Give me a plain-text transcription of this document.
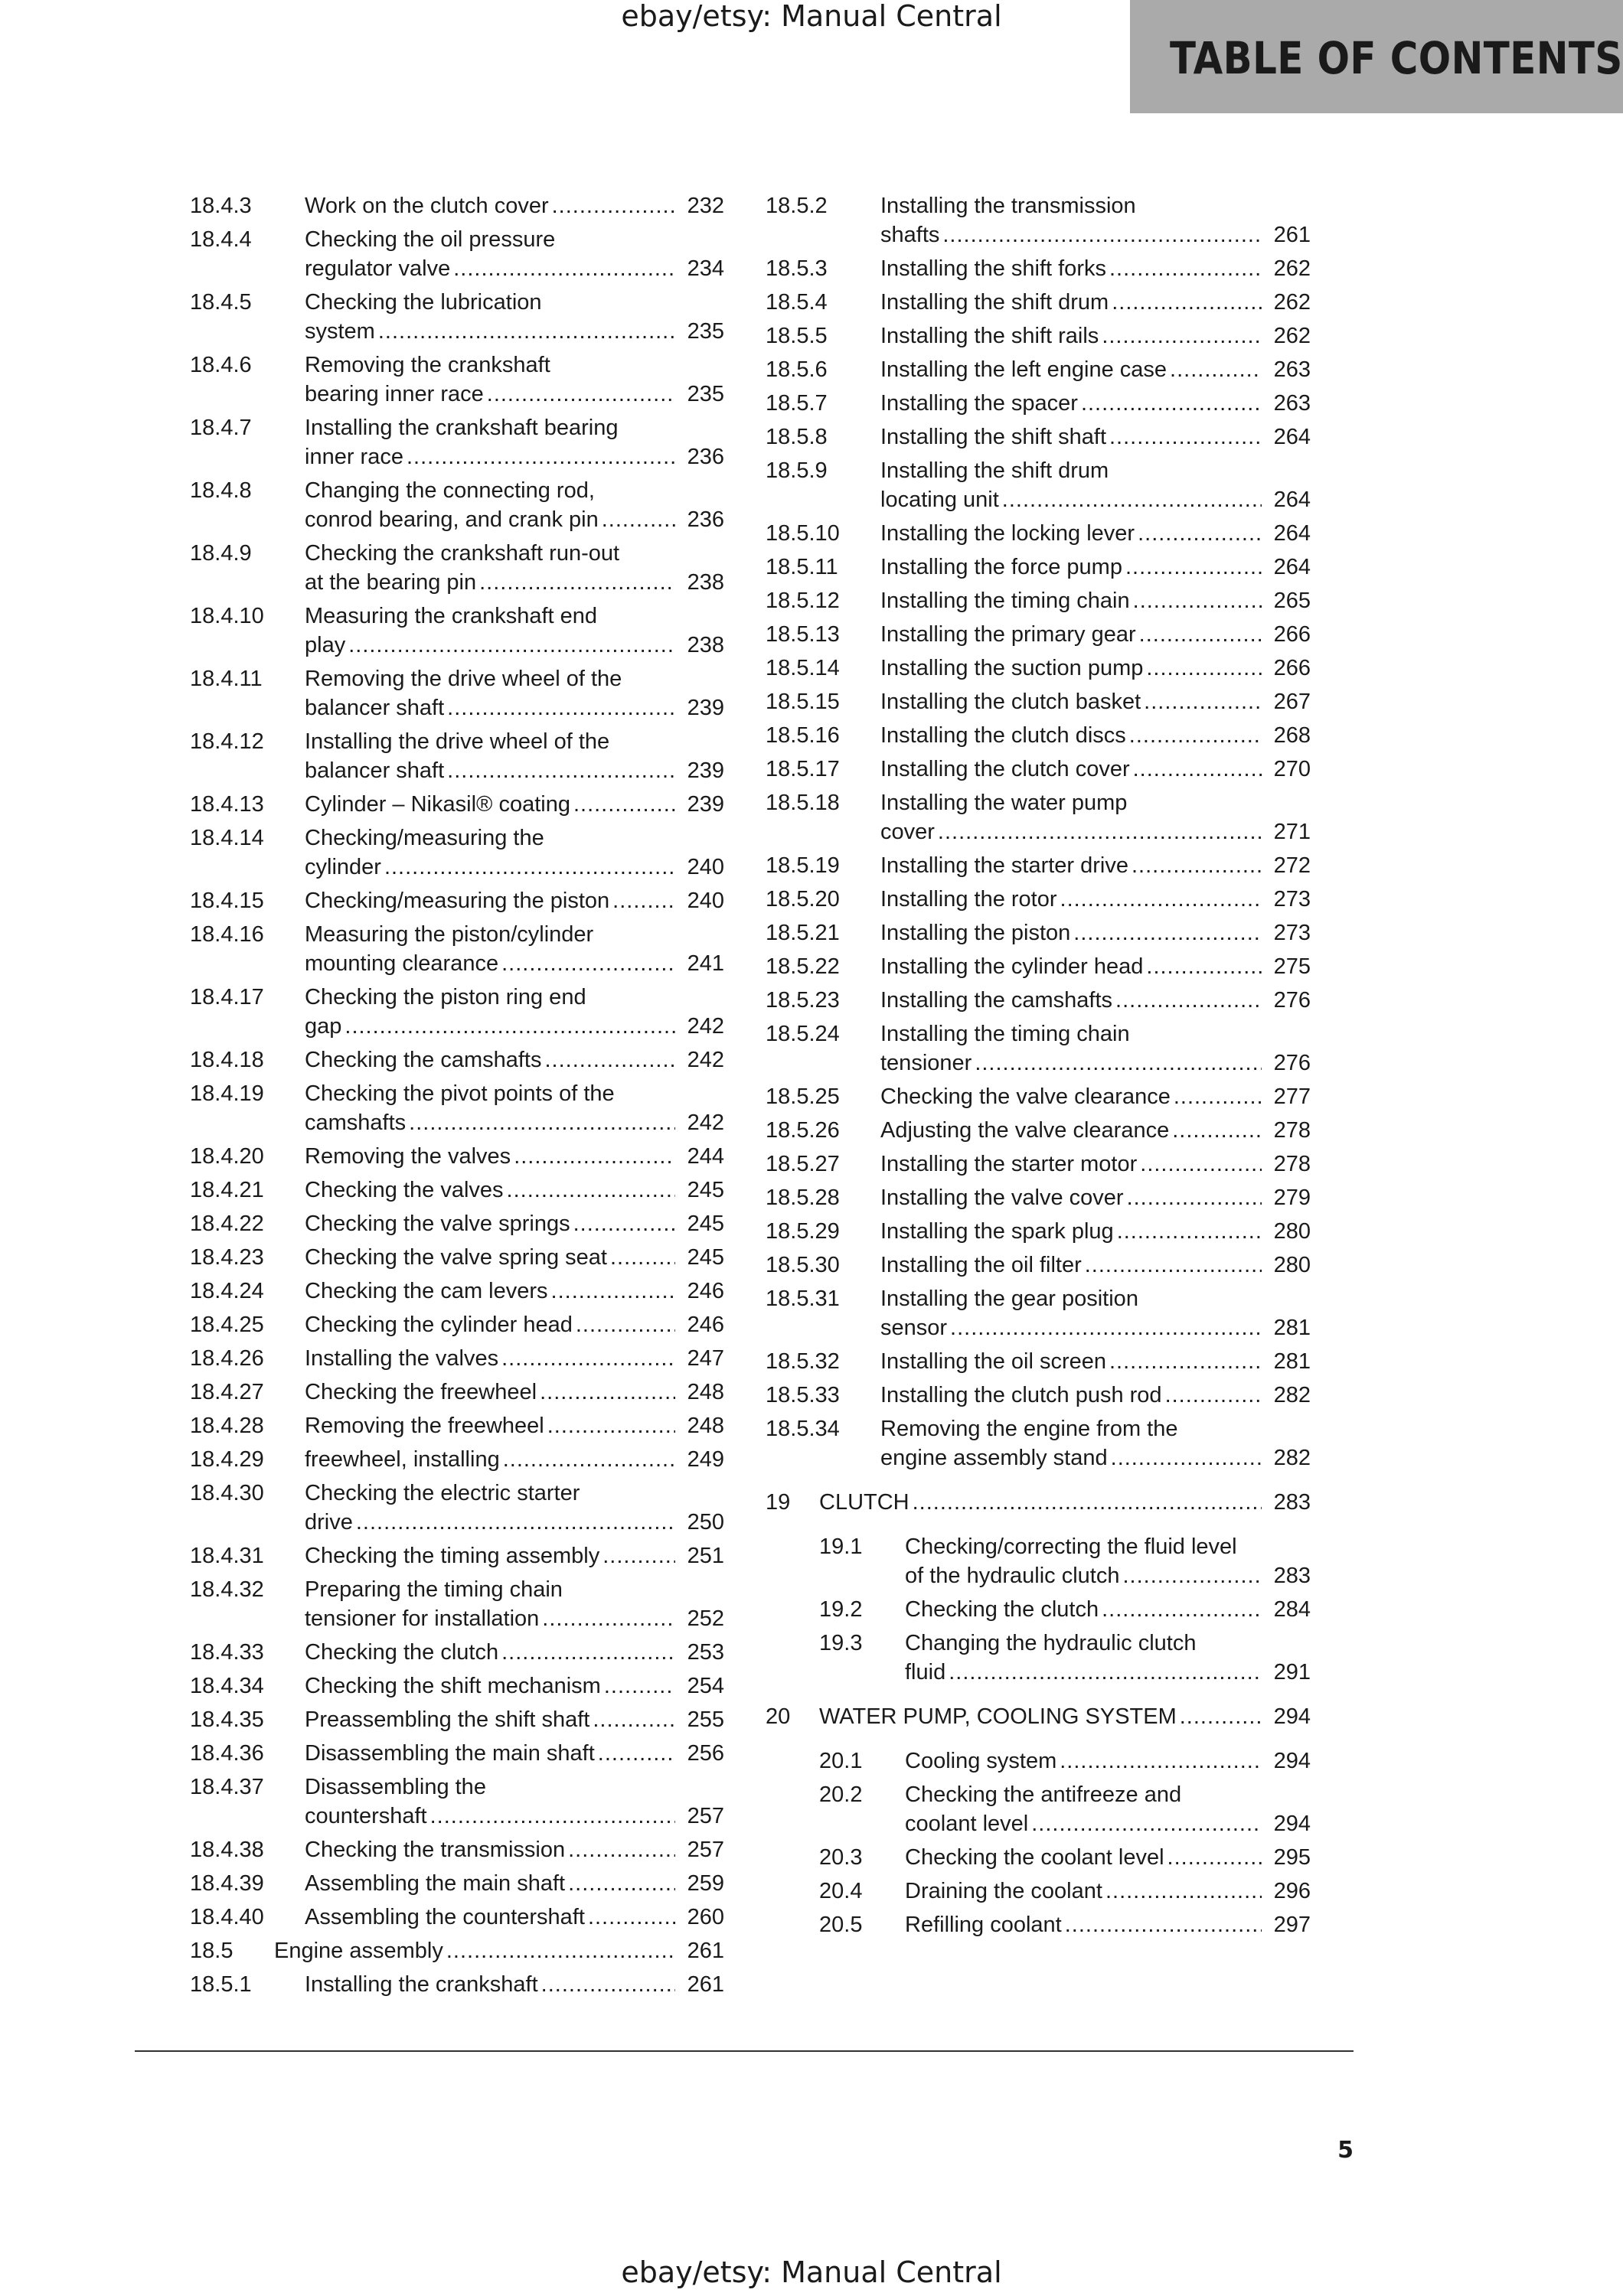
ebay/etsy: Manual Central
TABLE OF CONTENTS
18.4.3	Work on the clutch cover .....	232
18.4.4	Checking the oil pressure
regulator valve .....	234
18.4.5	Checking the lubrication
system .....	235
18.4.6	Removing the crankshaft
bearing inner race .....	235
18.4.7	Installing the crankshaft bearing
inner race .....	236
18.4.8	Changing the connecting rod,
conrod bearing, and crank pin .....	236
18.4.9	Checking the crankshaft run-out
at the bearing pin .....	238
18.4.10	Measuring the crankshaft end
play .....	238
18.4.11	Removing the drive wheel of the
balancer shaft .....	239
18.4.12	Installing the drive wheel of the
balancer shaft .....	239
18.4.13	Cylinder – Nikasil® coating .....	239
18.4.14	Checking/measuring the
cylinder .....	240
18.4.15	Checking/measuring the piston .....	240
18.4.16	Measuring the piston/cylinder
mounting clearance .....	241
18.4.17	Checking the piston ring end
gap .....	242
18.4.18	Checking the camshafts .....	242
18.4.19	Checking the pivot points of the
camshafts .....	242
18.4.20	Removing the valves .....	244
18.4.21	Checking the valves .....	245
18.4.22	Checking the valve springs .....	245
18.4.23	Checking the valve spring seat .....	245
18.4.24	Checking the cam levers .....	246
18.4.25	Checking the cylinder head .....	246
18.4.26	Installing the valves .....	247
18.4.27	Checking the freewheel .....	248
18.4.28	Removing the freewheel .....	248
18.4.29	freewheel, installing .....	249
18.4.30	Checking the electric starter
drive .....	250
18.4.31	Checking the timing assembly .....	251
18.4.32	Preparing the timing chain
tensioner for installation .....	252
18.4.33	Checking the clutch .....	253
18.4.34	Checking the shift mechanism .....	254
18.4.35	Preassembling the shift shaft .....	255
18.4.36	Disassembling the main shaft .....	256
18.4.37	Disassembling the
countershaft .....	257
18.4.38	Checking the transmission .....	257
18.4.39	Assembling the main shaft .....	259
18.4.40	Assembling the countershaft .....	260
18.5	Engine assembly .....	261
18.5.1	Installing the crankshaft .....	261
18.5.2	Installing the transmission
shafts .....	261
18.5.3	Installing the shift forks .....	262
18.5.4	Installing the shift drum .....	262
18.5.5	Installing the shift rails .....	262
18.5.6	Installing the left engine case .....	263
18.5.7	Installing the spacer .....	263
18.5.8	Installing the shift shaft .....	264
18.5.9	Installing the shift drum
locating unit .....	264
18.5.10	Installing the locking lever .....	264
18.5.11	Installing the force pump .....	264
18.5.12	Installing the timing chain .....	265
18.5.13	Installing the primary gear .....	266
18.5.14	Installing the suction pump .....	266
18.5.15	Installing the clutch basket .....	267
18.5.16	Installing the clutch discs .....	268
18.5.17	Installing the clutch cover .....	270
18.5.18	Installing the water pump
cover .....	271
18.5.19	Installing the starter drive .....	272
18.5.20	Installing the rotor .....	273
18.5.21	Installing the piston .....	273
18.5.22	Installing the cylinder head .....	275
18.5.23	Installing the camshafts .....	276
18.5.24	Installing the timing chain
tensioner .....	276
18.5.25	Checking the valve clearance .....	277
18.5.26	Adjusting the valve clearance .....	278
18.5.27	Installing the starter motor .....	278
18.5.28	Installing the valve cover .....	279
18.5.29	Installing the spark plug .....	280
18.5.30	Installing the oil filter .....	280
18.5.31	Installing the gear position
sensor .....	281
18.5.32	Installing the oil screen .....	281
18.5.33	Installing the clutch push rod .....	282
18.5.34	Removing the engine from the
engine assembly stand .....	282
19	CLUTCH .....	283
19.1	Checking/correcting the fluid level
of the hydraulic clutch .....	283
19.2	Checking the clutch .....	284
19.3	Changing the hydraulic clutch
fluid .....	291
20	WATER PUMP, COOLING SYSTEM .....	294
20.1	Cooling system .....	294
20.2	Checking the antifreeze and
coolant level .....	294
20.3	Checking the coolant level .....	295
20.4	Draining the coolant .....	296
20.5	Refilling coolant .....	297
5
ebay/etsy: Manual Central
